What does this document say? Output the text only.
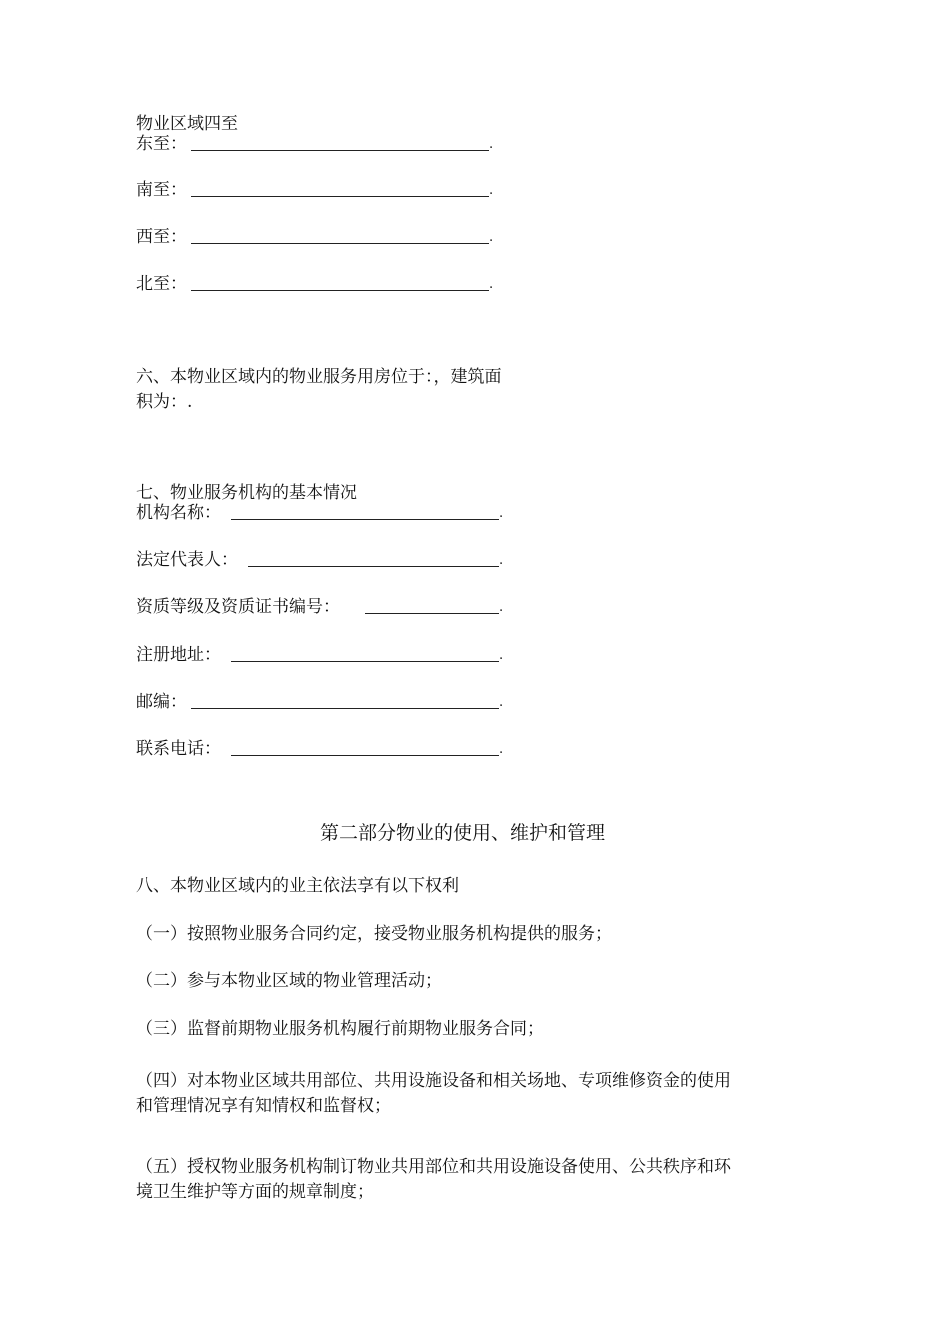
物业区域四至
东至：	.
南至：	.
西至：	.
北至：	.
六、本物业区域内的物业服务用房位于：，建筑面
积为：.
七、物业服务机构的基本情况
机构名称：	.
法定代表人：	.
资质等级及资质证书编号：	.
注册地址：	.
邮编：	.
联系电话：	.
第二部分物业的使用、维护和管理
八、本物业区域内的业主依法享有以下权利
（一）按照物业服务合同约定，接受物业服务机构提供的服务；
（二）参与本物业区域的物业管理活动；
（三）监督前期物业服务机构履行前期物业服务合同；
（四）对本物业区域共用部位、共用设施设备和相关场地、专项维修资金的使用
和管理情况享有知情权和监督权；
（五）授权物业服务机构制订物业共用部位和共用设施设备使用、公共秩序和环
境卫生维护等方面的规章制度；
